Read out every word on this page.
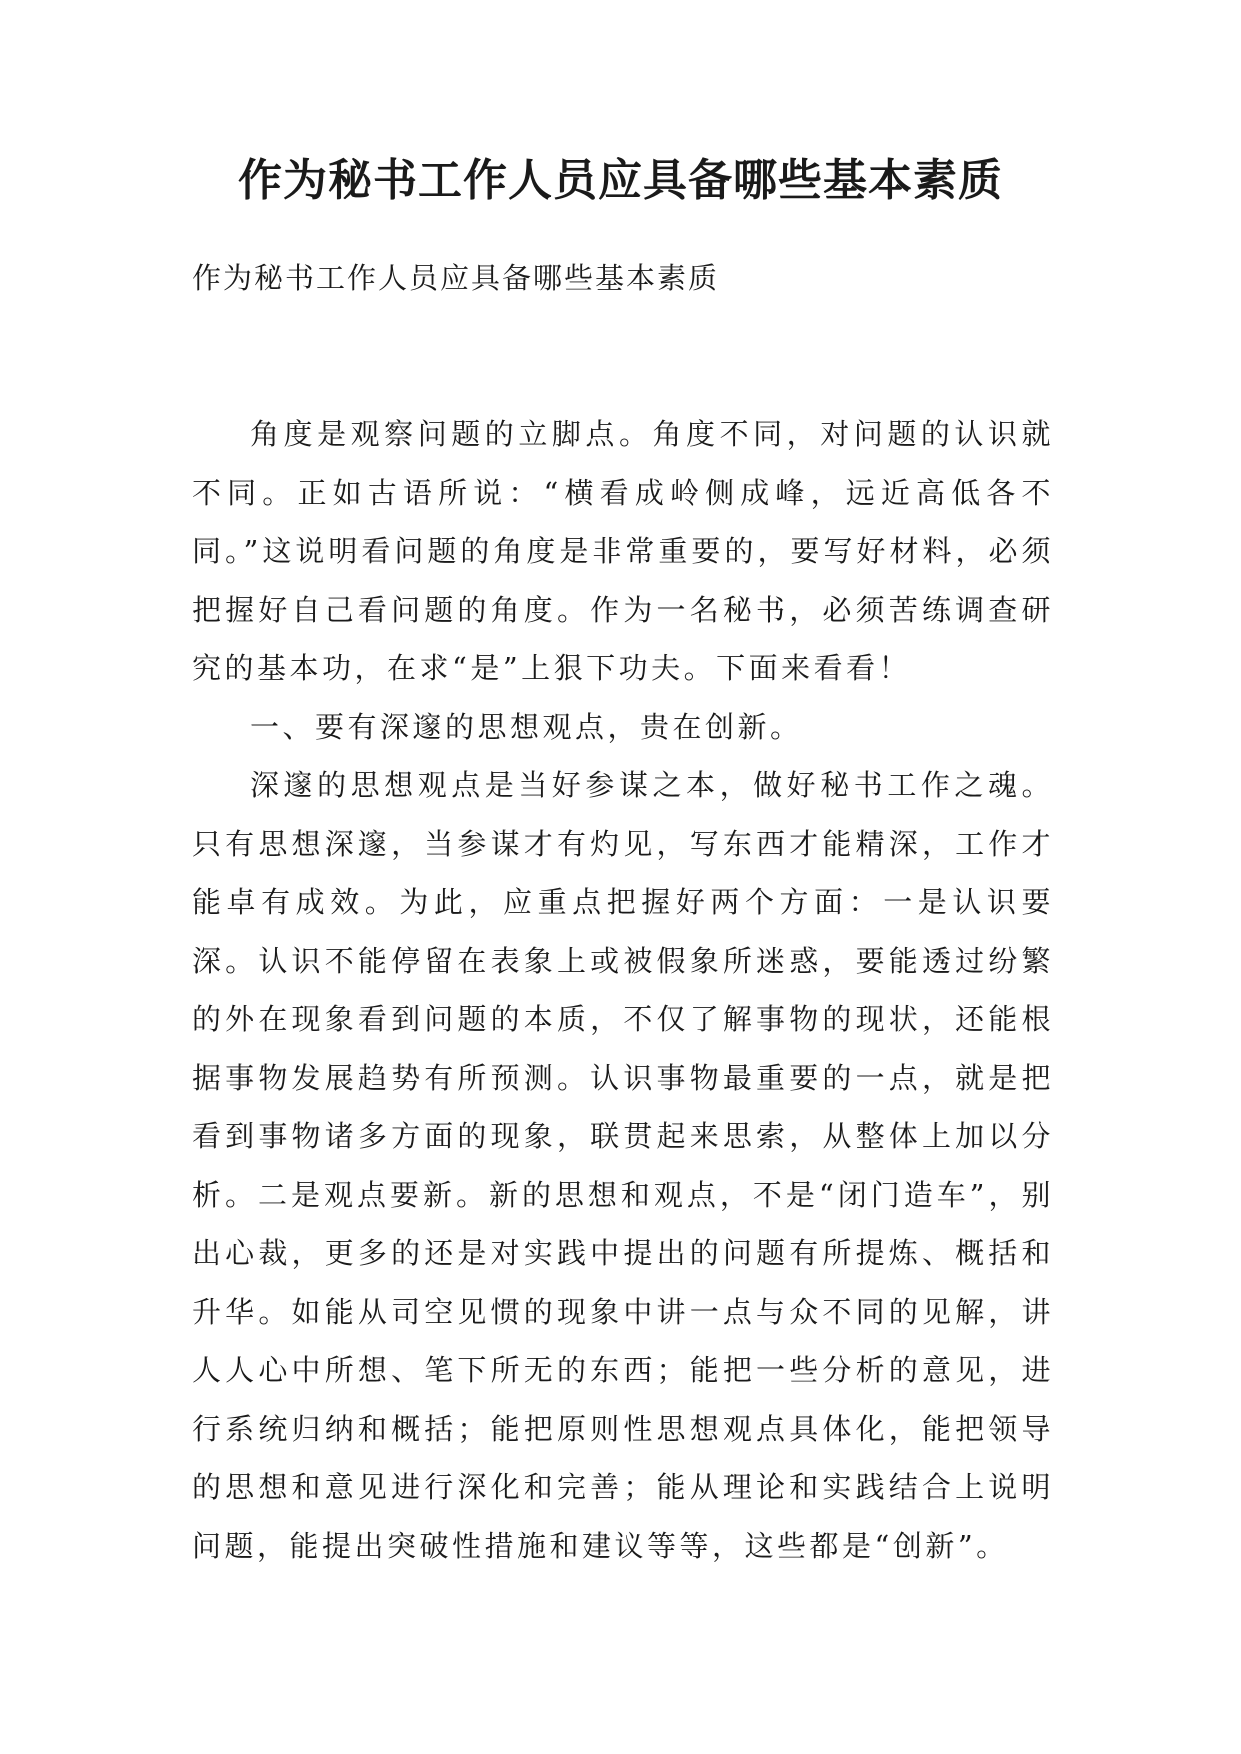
作为秘书工作人员应具备哪些基本素质

作为秘书工作人员应具备哪些基本素质

角度是观察问题的立脚点。角度不同，对问题的认识就不同。正如古语所说：“横看成岭侧成峰，远近高低各不同。”这说明看问题的角度是非常重要的，要写好材料，必须把握好自己看问题的角度。作为一名秘书，必须苦练调查研究的基本功，在求“是”上狠下功夫。下面来看看！

一、要有深邃的思想观点，贵在创新。

深邃的思想观点是当好参谋之本，做好秘书工作之魂。只有思想深邃，当参谋才有灼见，写东西才能精深，工作才能卓有成效。为此，应重点把握好两个方面：一是认识要深。认识不能停留在表象上或被假象所迷惑，要能透过纷繁的外在现象看到问题的本质，不仅了解事物的现状，还能根据事物发展趋势有所预测。认识事物最重要的一点，就是把看到事物诸多方面的现象，联贯起来思索，从整体上加以分析。二是观点要新。新的思想和观点，不是“闭门造车”，别出心裁，更多的还是对实践中提出的问题有所提炼、概括和升华。如能从司空见惯的现象中讲一点与众不同的见解，讲人人心中所想、笔下所无的东西；能把一些分析的意见，进行系统归纳和概括；能把原则性思想观点具体化，能把领导的思想和意见进行深化和完善；能从理论和实践结合上说明问题，能提出突破性措施和建议等等，这些都是“创新”。
